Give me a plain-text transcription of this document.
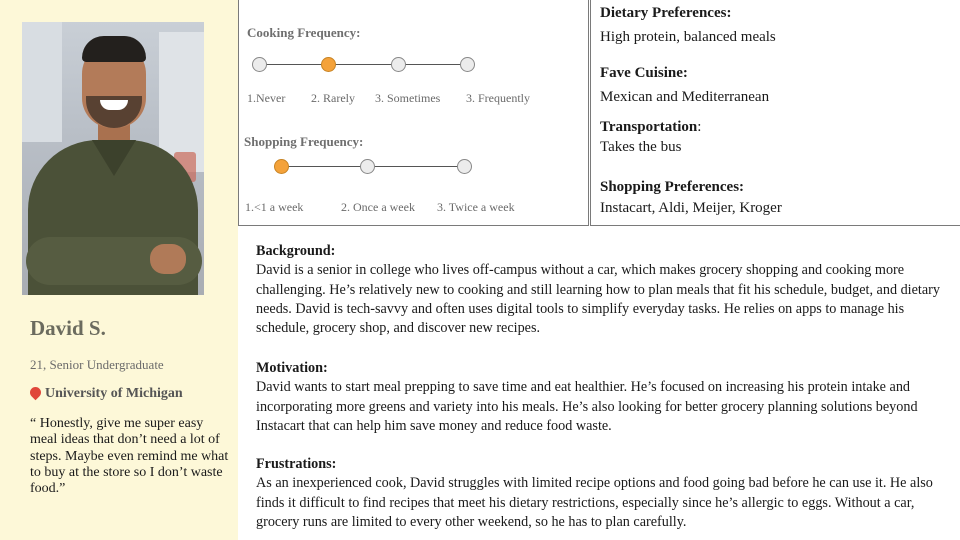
David S.
21, Senior Undergraduate
University of Michigan
“ Honestly, give me super easy meal ideas that don’t need a lot of steps. Maybe even remind me what to buy at the store so I don’t waste food.”
Cooking Frequency:
1.Never 2. Rarely 3. Sometimes 3. Frequently
Shopping Frequency:
1.<1 a week	2. Once a week 3. Twice a week
Dietary Preferences:
High protein, balanced meals
Fave Cuisine:
Mexican and Mediterranean
Transportation:
Takes the bus
Shopping Preferences:
Instacart, Aldi, Meijer, Kroger
Background:
David is a senior in college who lives off-campus without a car, which makes grocery shopping and cooking more challenging. He’s relatively new to cooking and still learning how to plan meals that fit his schedule, budget, and dietary needs. David is tech-savvy and often uses digital tools to simplify everyday tasks. He relies on apps to manage his schedule, grocery shop, and discover new recipes.
Motivation:
David wants to start meal prepping to save time and eat healthier. He’s focused on increasing his protein intake and incorporating more greens and variety into his meals. He’s also looking for better grocery planning solutions beyond Instacart that can help him save money and reduce food waste.
Frustrations:
As an inexperienced cook, David struggles with limited recipe options and food going bad before he can use it. He also finds it difficult to find recipes that meet his dietary restrictions, especially since he’s allergic to eggs. Without a car, grocery runs are limited to every other weekend, so he has to plan carefully.
